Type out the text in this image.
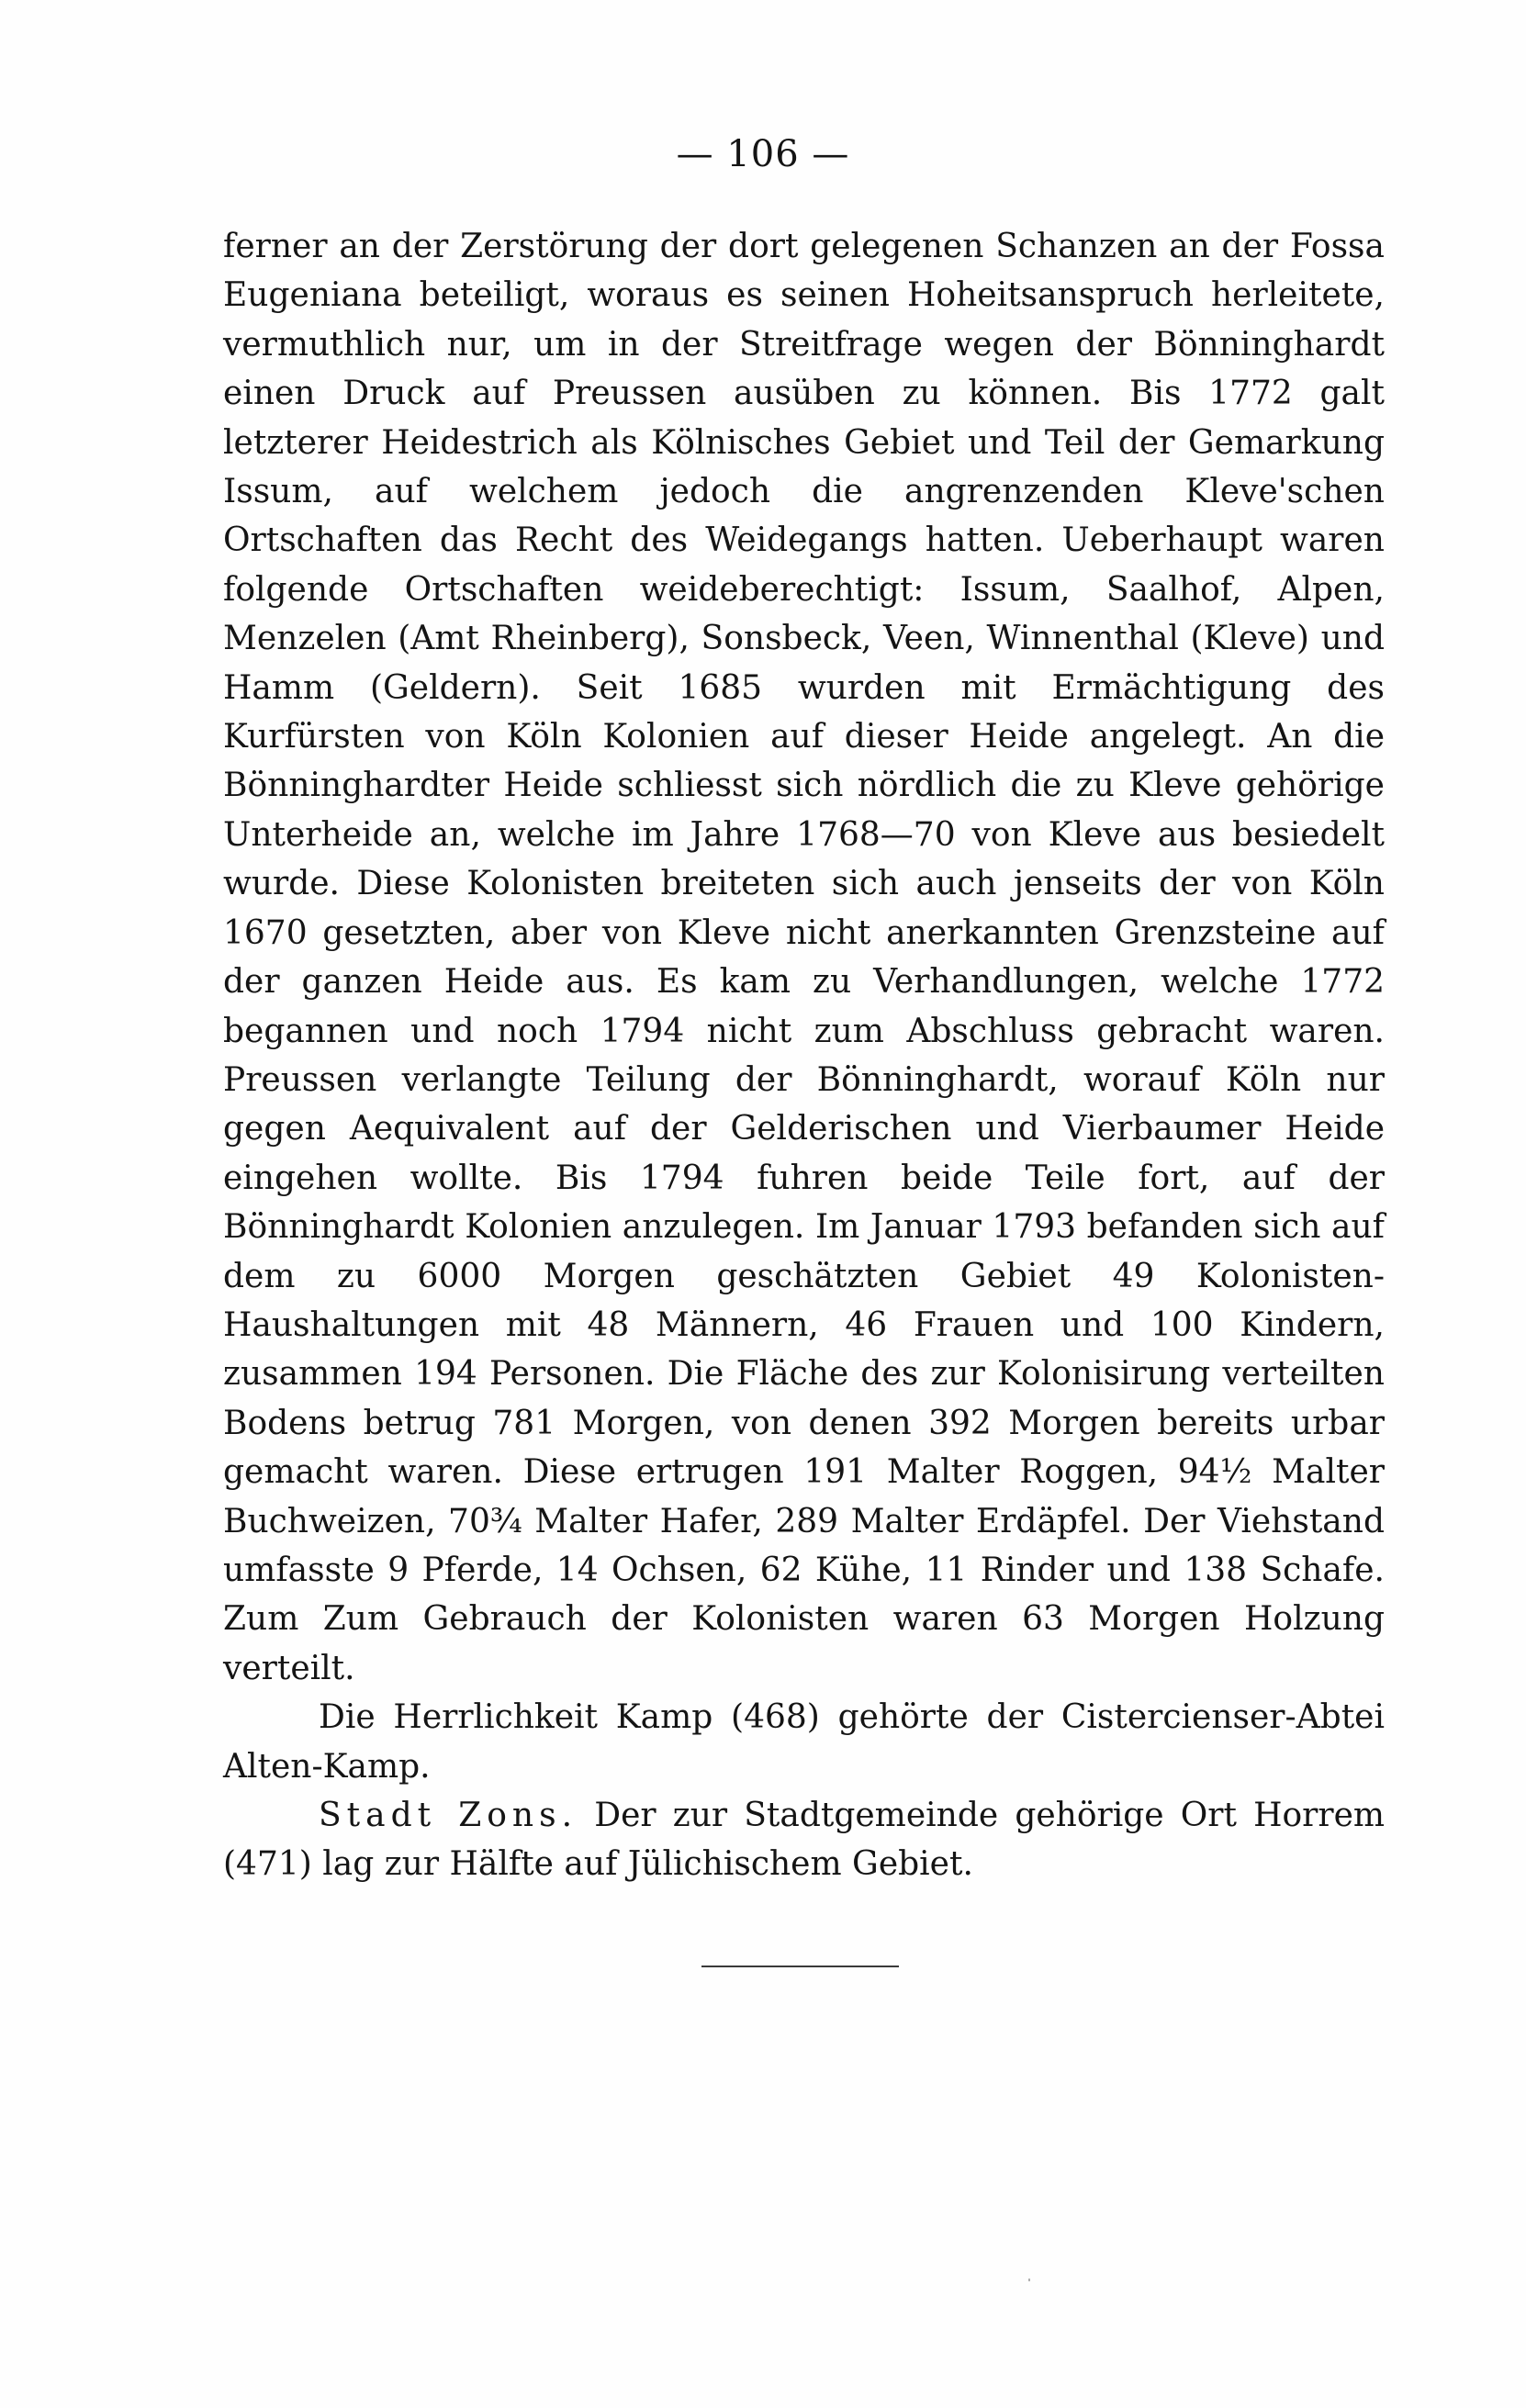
— 106 —

ferner an der Zerstörung der dort gelegenen Schanzen an der Fossa Eugeniana beteiligt, woraus es seinen Hoheitsanspruch herleitete, vermuthlich nur, um in der Streitfrage wegen der Bönninghardt einen Druck auf Preussen ausüben zu können. Bis 1772 galt letzterer Heidestrich als Kölnisches Gebiet und Teil der Gemarkung Issum, auf welchem jedoch die angrenzenden Kleve'schen Ortschaften das Recht des Weidegangs hatten. Ueberhaupt waren folgende Ortschaften weideberechtigt: Issum, Saalhof, Alpen, Menzelen (Amt Rheinberg), Sonsbeck, Veen, Winnenthal (Kleve) und Hamm (Geldern). Seit 1685 wurden mit Ermächtigung des Kurfürsten von Köln Kolonien auf dieser Heide angelegt. An die Bönninghardter Heide schliesst sich nördlich die zu Kleve gehörige Unterheide an, welche im Jahre 1768—70 von Kleve aus besiedelt wurde. Diese Kolonisten breiteten sich auch jenseits der von Köln 1670 gesetzten, aber von Kleve nicht anerkannten Grenzsteine auf der ganzen Heide aus. Es kam zu Verhandlungen, welche 1772 begannen und noch 1794 nicht zum Abschluss gebracht waren. Preussen verlangte Teilung der Bönninghardt, worauf Köln nur gegen Aequivalent auf der Gelderischen und Vierbaumer Heide eingehen wollte. Bis 1794 fuhren beide Teile fort, auf der Bönninghardt Kolonien anzulegen. Im Januar 1793 befanden sich auf dem zu 6000 Morgen geschätzten Gebiet 49 Kolonisten-Haushaltungen mit 48 Männern, 46 Frauen und 100 Kindern, zusammen 194 Personen. Die Fläche des zur Kolonisirung verteilten Bodens betrug 781 Morgen, von denen 392 Morgen bereits urbar gemacht waren. Diese ertrugen 191 Malter Roggen, 94½ Malter Buchweizen, 70¾ Malter Hafer, 289 Malter Erdäpfel. Der Viehstand umfasste 9 Pferde, 14 Ochsen, 62 Kühe, 11 Rinder und 138 Schafe. Zum Zum Gebrauch der Kolonisten waren 63 Morgen Holzung verteilt.

Die Herrlichkeit Kamp (468) gehörte der Cistercienser-Abtei Alten-Kamp.

Stadt Zons. Der zur Stadtgemeinde gehörige Ort Horrem (471) lag zur Hälfte auf Jülichischem Gebiet.
